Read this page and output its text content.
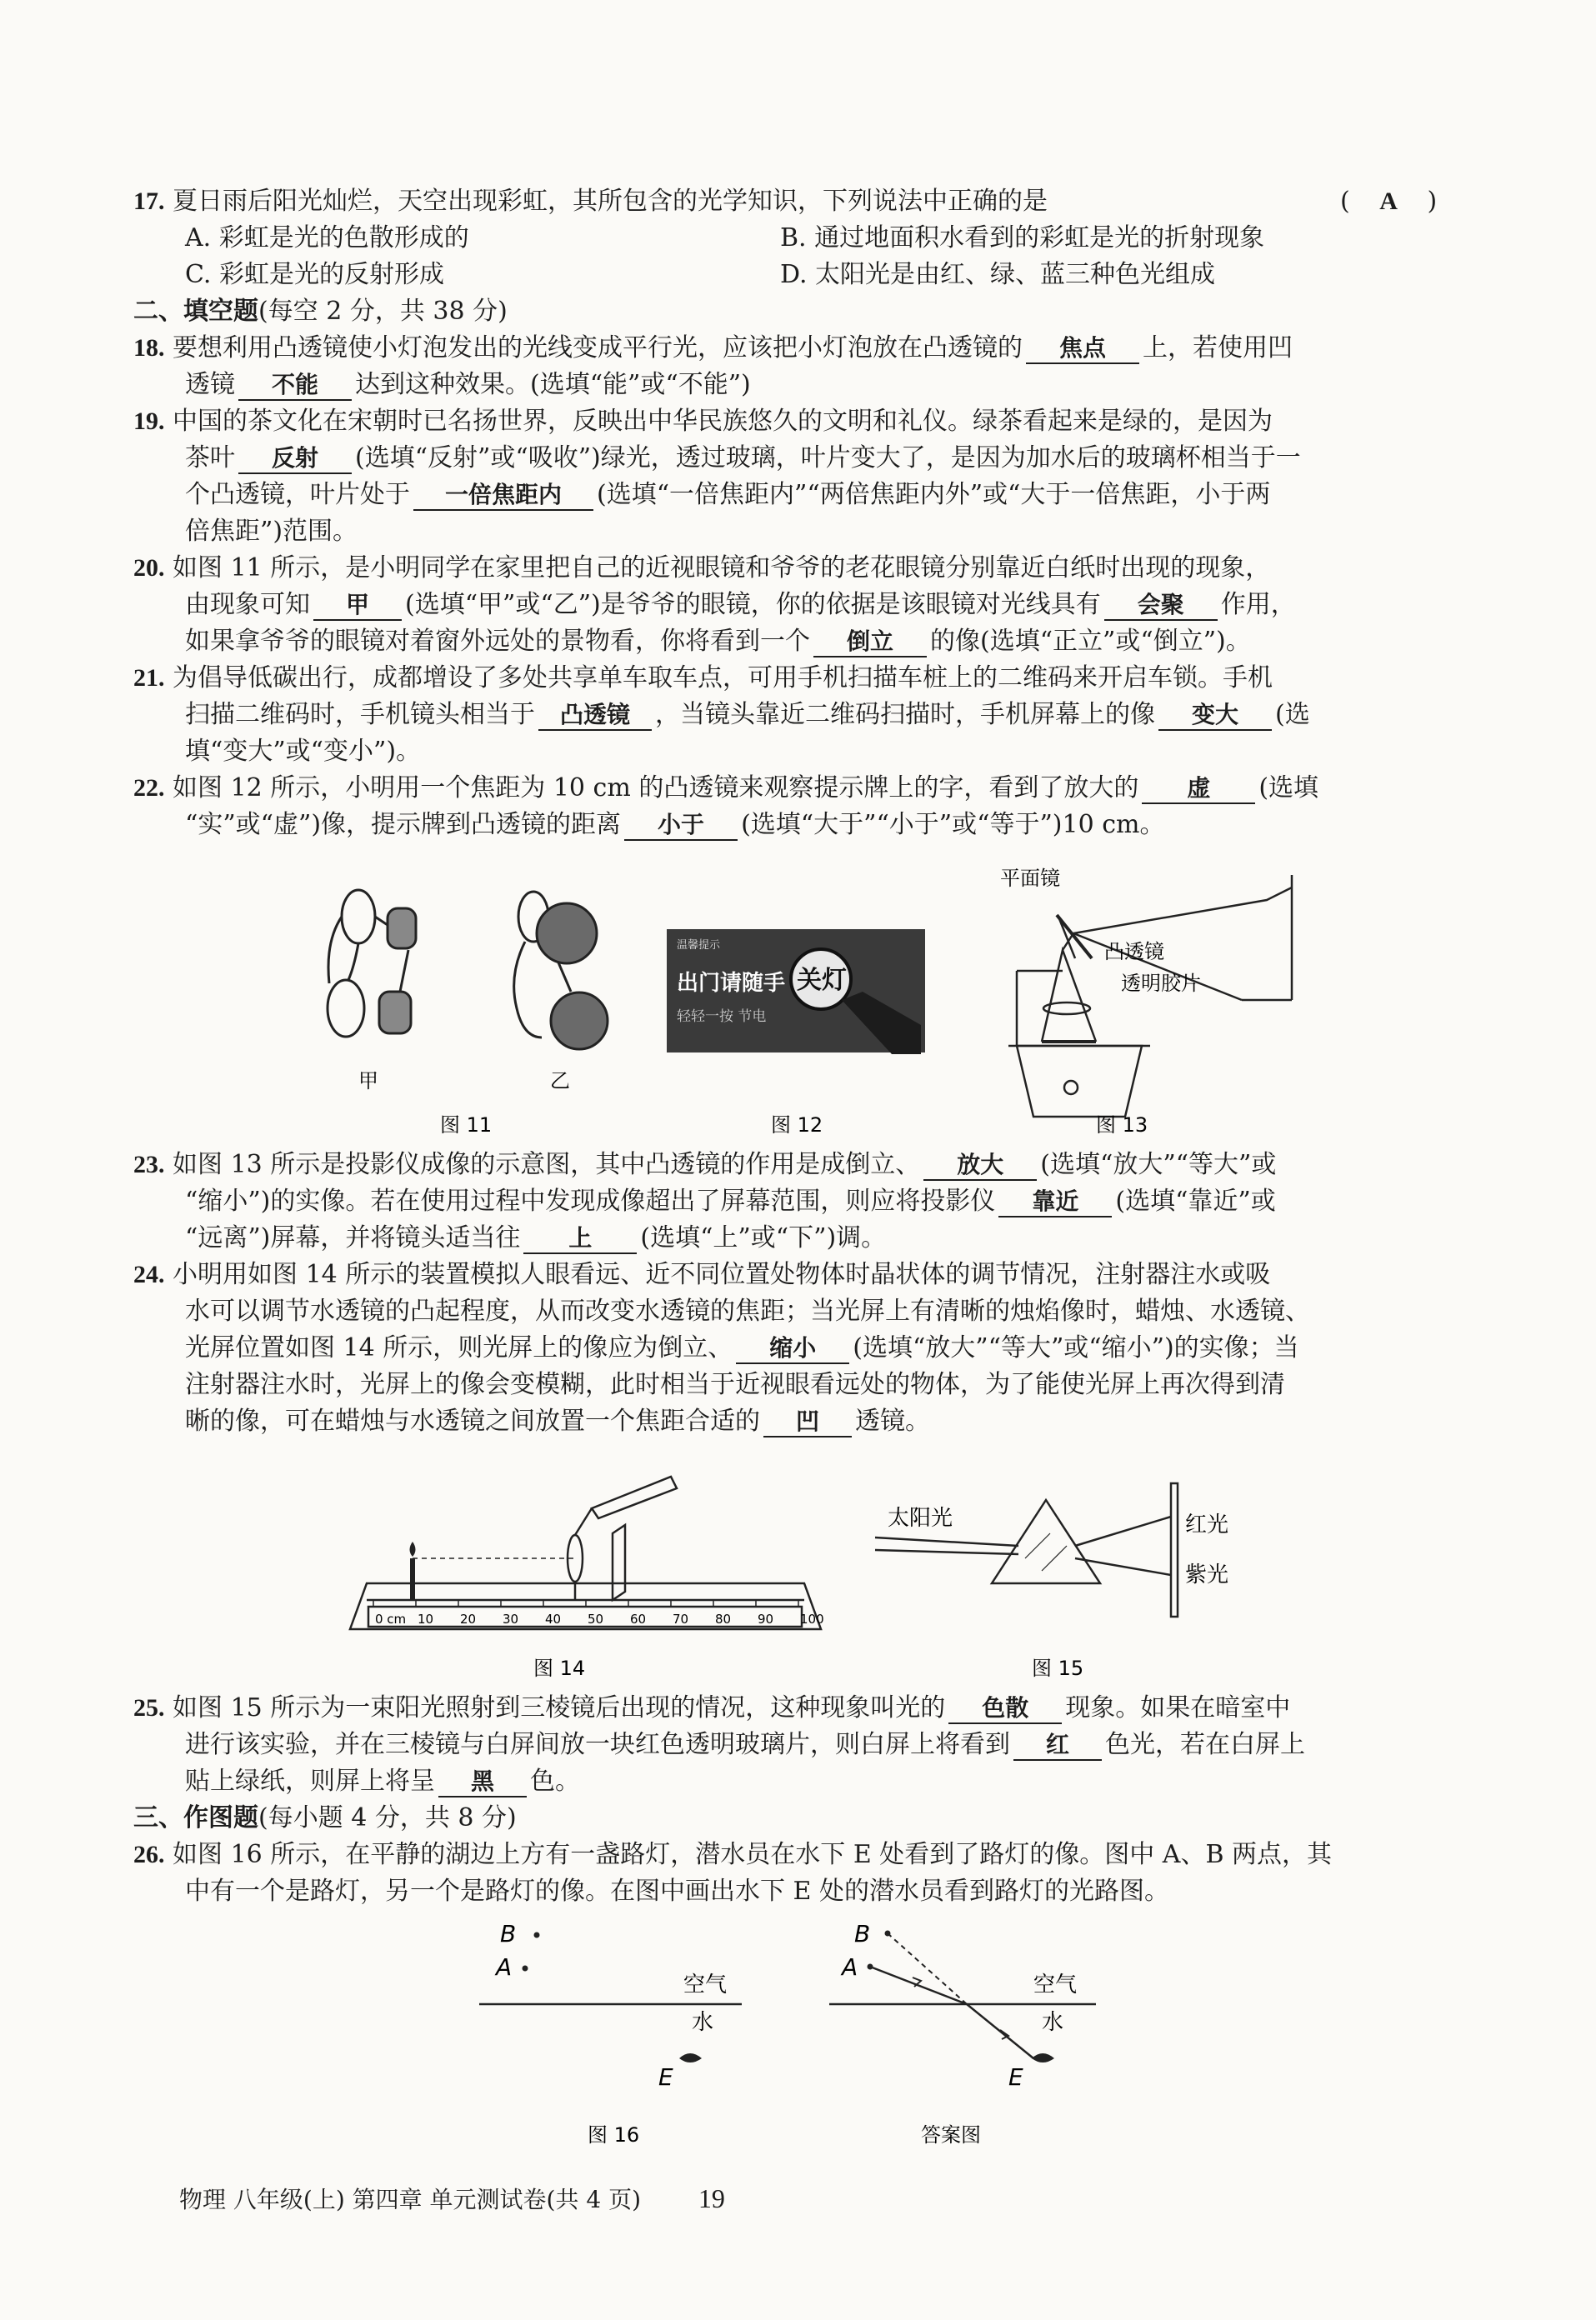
17. 夏日雨后阳光灿烂，天空出现彩虹，其所包含的光学知识，下列说法中正确的是	( A )
A. 彩虹是光的色散形成的	B. 通过地面积水看到的彩虹是光的折射现象
C. 彩虹是光的反射形成	D. 太阳光是由红、绿、蓝三种色光组成
二、填空题(每空 2 分，共 38 分)
18. 要想利用凸透镜使小灯泡发出的光线变成平行光，应该把小灯泡放在凸透镜的 焦点 上，若使用凹
透镜 不能 达到这种效果。(选填“能”或“不能”)
19. 中国的茶文化在宋朝时已名扬世界，反映出中华民族悠久的文明和礼仪。绿茶看起来是绿的，是因为
茶叶 反射 (选填“反射”或“吸收”)绿光，透过玻璃，叶片变大了，是因为加水后的玻璃杯相当于一
个凸透镜，叶片处于 一倍焦距内 (选填“一倍焦距内”“两倍焦距内外”或“大于一倍焦距，小于两
倍焦距”)范围。
20. 如图 11 所示，是小明同学在家里把自己的近视眼镜和爷爷的老花眼镜分别靠近白纸时出现的现象，
由现象可知 甲 (选填“甲”或“乙”)是爷爷的眼镜，你的依据是该眼镜对光线具有 会聚 作用，
如果拿爷爷的眼镜对着窗外远处的景物看，你将看到一个 倒立 的像(选填“正立”或“倒立”)。
21. 为倡导低碳出行，成都增设了多处共享单车取车点，可用手机扫描车桩上的二维码来开启车锁。手机
扫描二维码时，手机镜头相当于 凸透镜 ，当镜头靠近二维码扫描时，手机屏幕上的像 变大 (选
填“变大”或“变小”)。
22. 如图 12 所示，小明用一个焦距为 10 cm 的凸透镜来观察提示牌上的字，看到了放大的 虚 (选填
“实”或“虚”)像，提示牌到凸透镜的距离 小于 (选填“大于”“小于”或“等于”)10 cm。
甲	乙
图 11
温馨提示
出门请随手 关灯
轻轻一按 节电
图 12
平面镜
凸透镜
透明胶片
图 13
23. 如图 13 所示是投影仪成像的示意图，其中凸透镜的作用是成倒立、 放大 (选填“放大”“等大”或
“缩小”)的实像。若在使用过程中发现成像超出了屏幕范围，则应将投影仪 靠近 (选填“靠近”或
“远离”)屏幕，并将镜头适当往 上 (选填“上”或“下”)调。
24. 小明用如图 14 所示的装置模拟人眼看远、近不同位置处物体时晶状体的调节情况，注射器注水或吸
水可以调节水透镜的凸起程度，从而改变水透镜的焦距；当光屏上有清晰的烛焰像时，蜡烛、水透镜、
光屏位置如图 14 所示，则光屏上的像应为倒立、 缩小 (选填“放大”“等大”或“缩小”)的实像；当
注射器注水时，光屏上的像会变模糊，此时相当于近视眼看远处的物体，为了能使光屏上再次得到清
晰的像，可在蜡烛与水透镜之间放置一个焦距合适的 凹 透镜。
0 cm 10 20 30 40 50 60 70 80 90 100
图 14
太阳光	红光
紫光
图 15
25. 如图 15 所示为一束阳光照射到三棱镜后出现的情况，这种现象叫光的 色散 现象。如果在暗室中
进行该实验，并在三棱镜与白屏间放一块红色透明玻璃片，则白屏上将看到 红 色光，若在白屏上
贴上绿纸，则屏上将呈 黑 色。
三、作图题(每小题 4 分，共 8 分)
26. 如图 16 所示，在平静的湖边上方有一盏路灯，潜水员在水下 E 处看到了路灯的像。图中 A、B 两点，其
中有一个是路灯，另一个是路灯的像。在图中画出水下 E 处的潜水员看到路灯的光路图。
B
A
空气
水
E
图 16
B
A
空气
水
E
答案图
物理 八年级(上) 第四章 单元测试卷(共 4 页) 19
